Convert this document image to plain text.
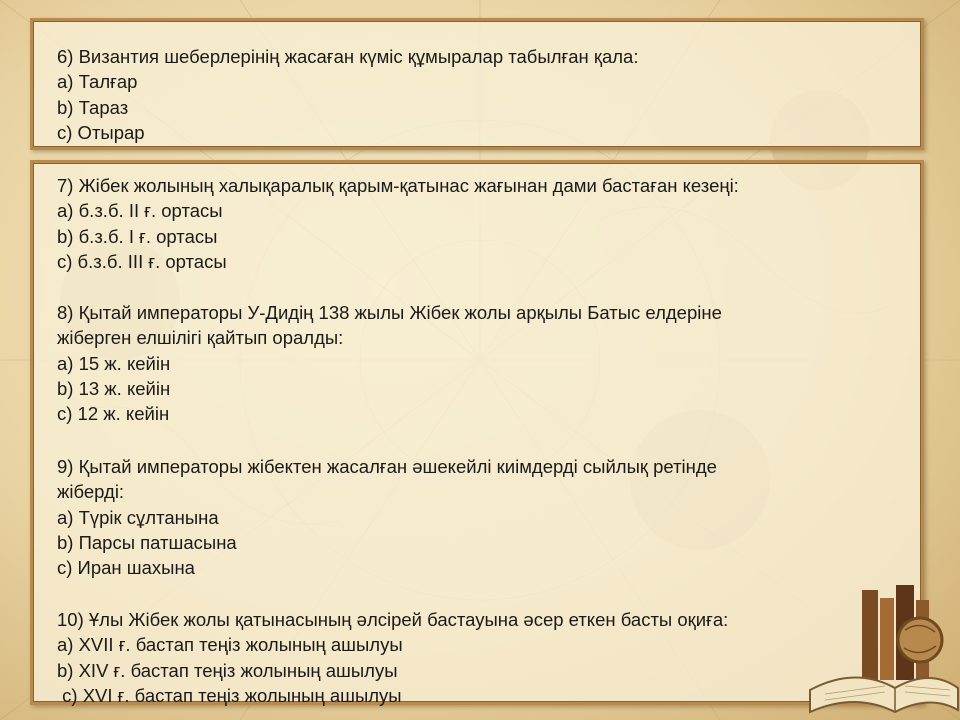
6) Византия шеберлерінің жасаған күміс құмыралар табылған қала:
a) Талғар
b) Тараз
c) Отырар
7) Жібек жолының халықаралық қарым-қатынас жағынан дами бастаған кезеңі:
a) б.з.б. ІІ ғ. ортасы
b) б.з.б. І ғ. ортасы
c) б.з.б. ІІІ ғ. ортасы
8) Қытай императоры У-Дидің 138 жылы Жібек жолы арқылы Батыс елдеріне
жіберген елшілігі қайтып оралды:
a) 15 ж. кейін
b) 13 ж. кейін
c) 12 ж. кейін
9) Қытай императоры жібектен жасалған әшекейлі киімдерді сыйлық ретінде
жіберді:
a) Түрік сұлтанына
b) Парсы патшасына
c) Иран шахына
10) Ұлы Жібек жолы қатынасының әлсірей бастауына әсер еткен басты оқиға:
a) XVІІ ғ. бастап теңіз жолының ашылуы
b) XІV ғ. бастап теңіз жолының ашылуы
c) XVІ ғ. бастап теңіз жолының ашылуы
